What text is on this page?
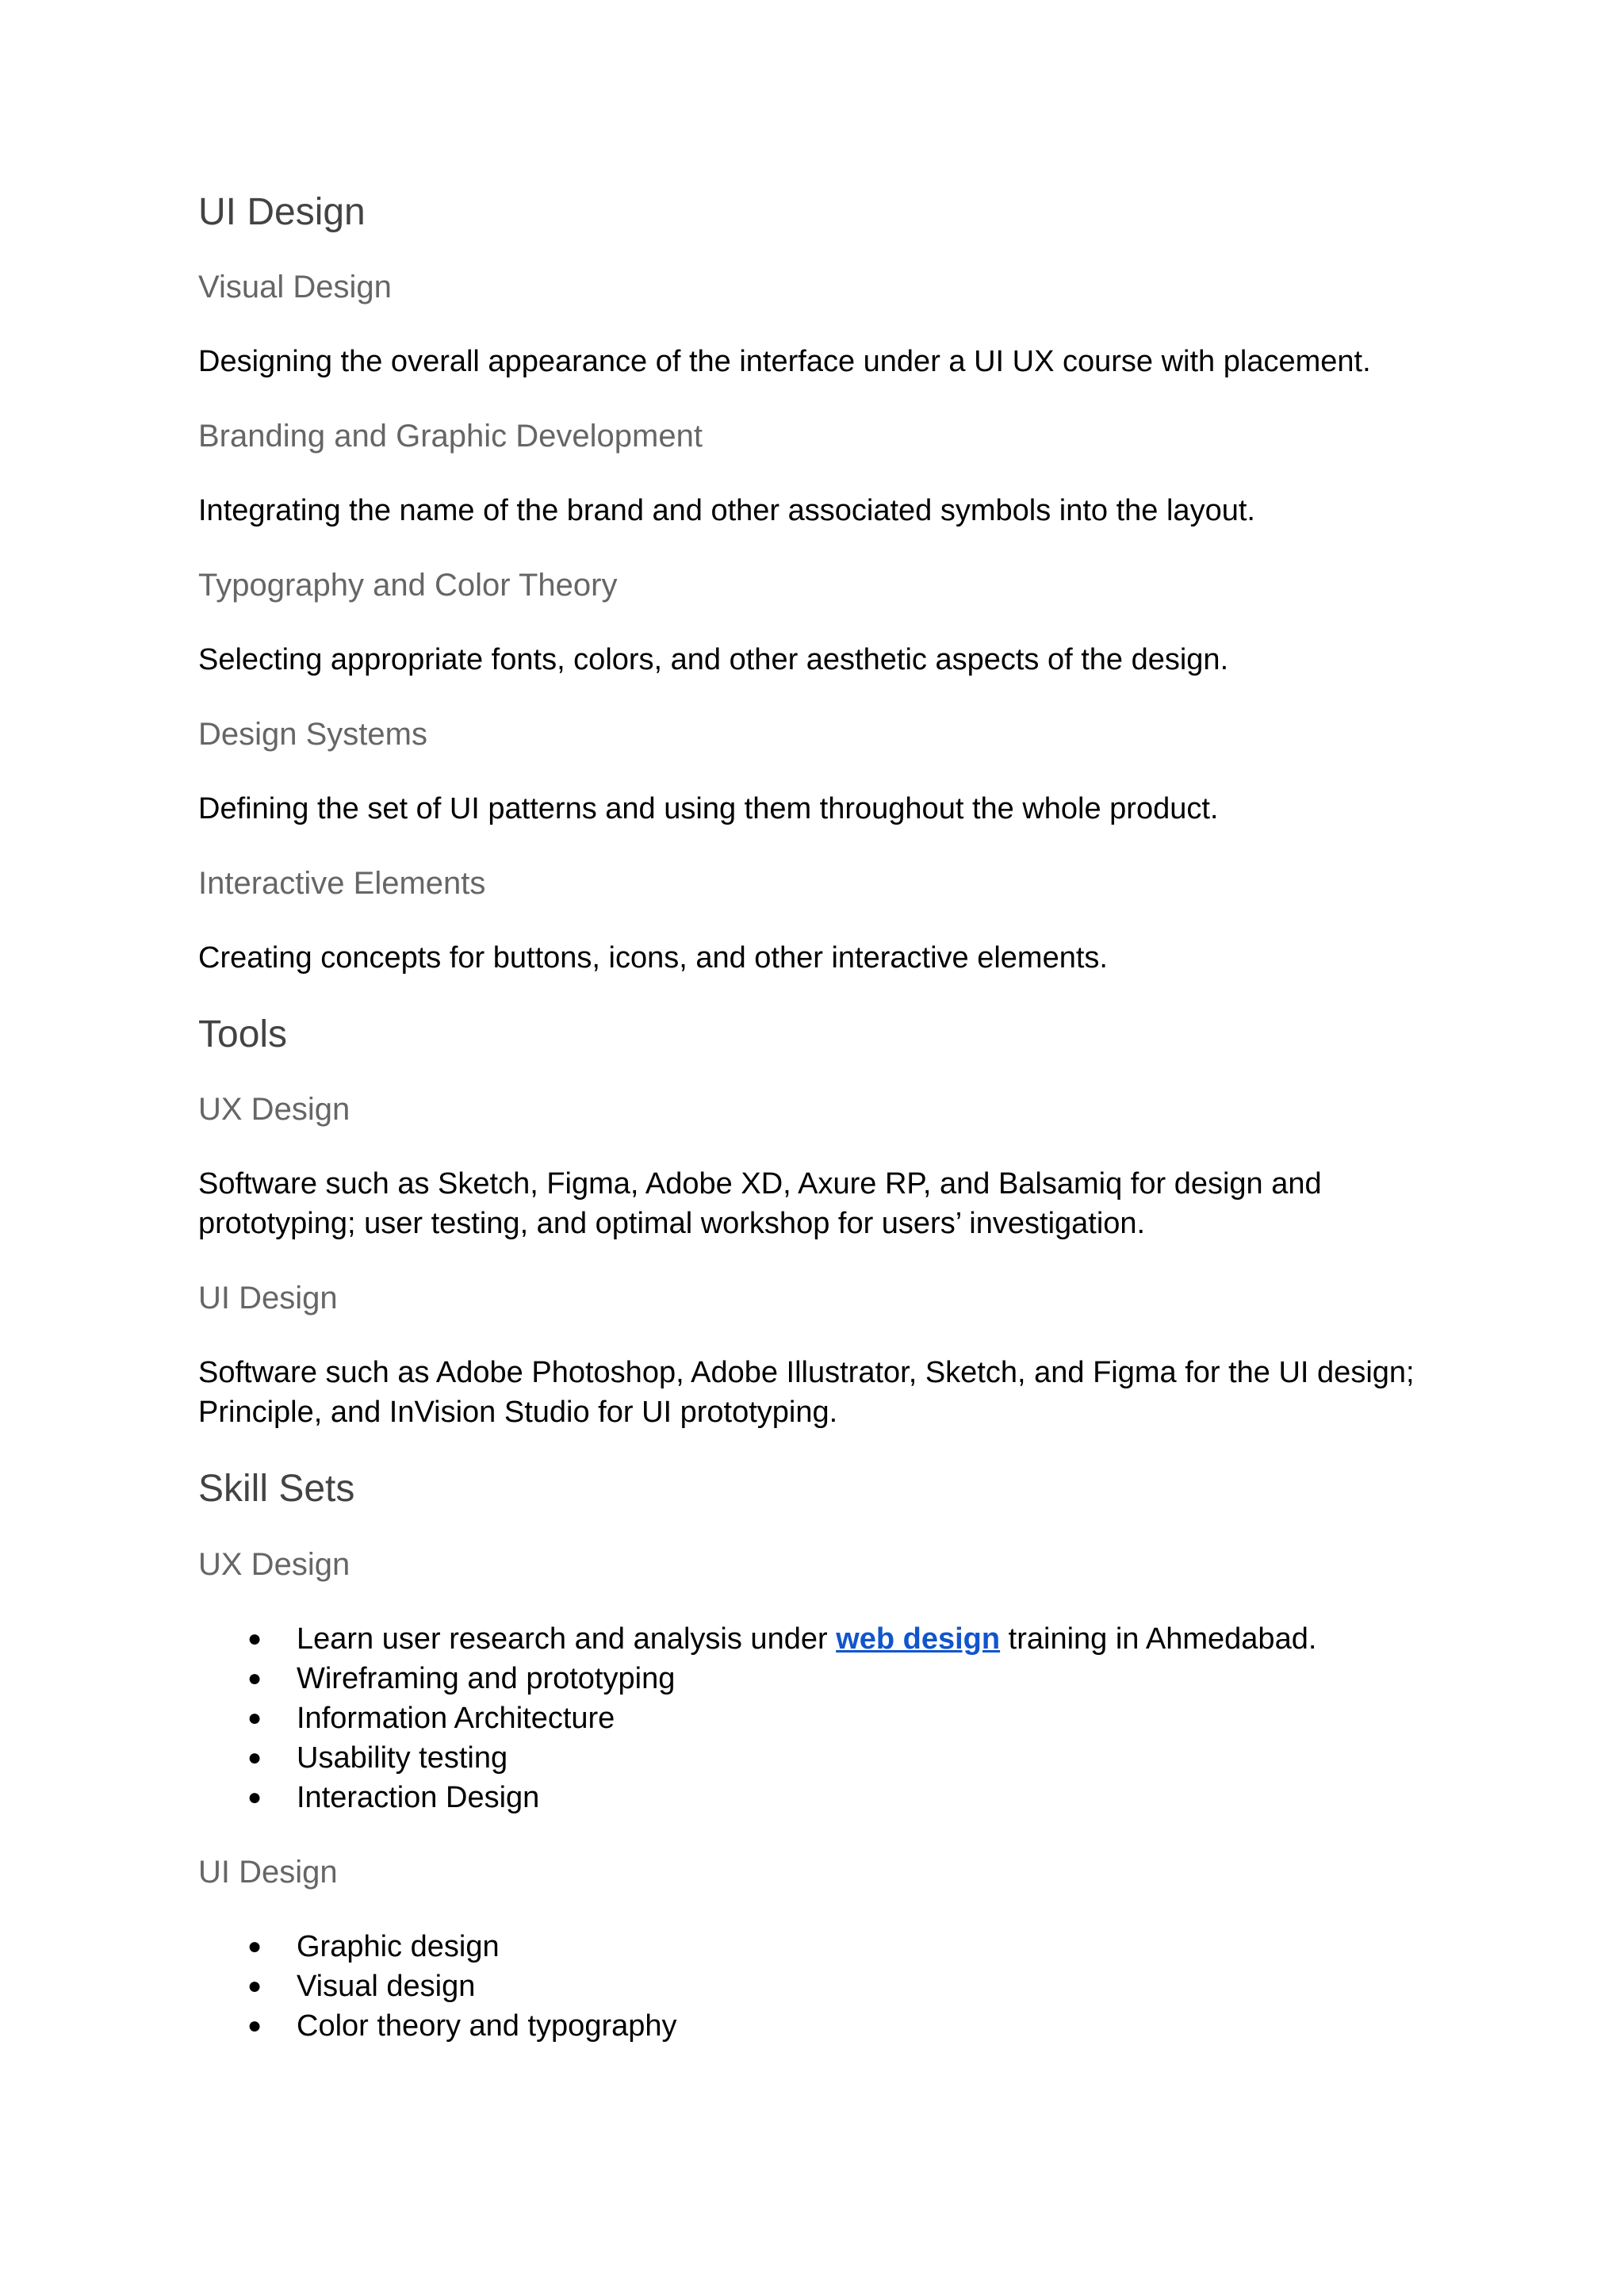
UI Design
Visual Design

Designing the overall appearance of the interface under a UI UX course with placement.

Branding and Graphic Development

Integrating the name of the brand and other associated symbols into the layout.

Typography and Color Theory

Selecting appropriate fonts, colors, and other aesthetic aspects of the design.

Design Systems

Defining the set of UI patterns and using them throughout the whole product.

Interactive Elements

Creating concepts for buttons, icons, and other interactive elements.

Tools
UX Design

Software such as Sketch, Figma, Adobe XD, Axure RP, and Balsamiq for design and
prototyping; user testing, and optimal workshop for users’ investigation.

UI Design

Software such as Adobe Photoshop, Adobe Illustrator, Sketch, and Figma for the UI design;
Principle, and InVision Studio for UI prototyping.

Skill Sets
UX Design
● Learn user research and analysis under web design training in Ahmedabad.
● Wireframing and prototyping
● Information Architecture
● Usability testing
● Interaction Design
UI Design
● Graphic design
● Visual design
● Color theory and typography
